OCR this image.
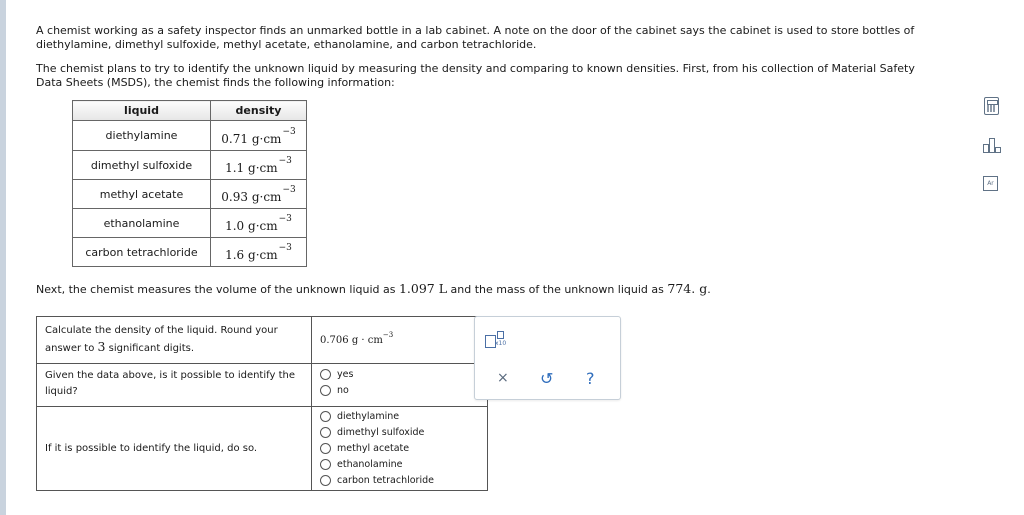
A chemist working as a safety inspector finds an unmarked bottle in a lab cabinet. A note on the door of the cabinet says the cabinet is used to store bottles of diethylamine, dimethyl sulfoxide, methyl acetate, ethanolamine, and carbon tetrachloride.

The chemist plans to try to identify the unknown liquid by measuring the density and comparing to known densities. First, from his collection of Material Safety Data Sheets (MSDS), the chemist finds the following information:

liquid	density
diethylamine	0.71 $g\cdot cm^{-3}$
dimethyl sulfoxide	1.1 $g\cdot cm^{-3}$
methyl acetate	0.93 $g\cdot cm^{-3}$
ethanolamine	1.0 $g\cdot cm^{-3}$
carbon tetrachloride	1.6 $g\cdot cm^{-3}$

Next, the chemist measures the volume of the unknown liquid as 1.097 L and the mass of the unknown liquid as 774. g.

Calculate the density of the liquid. Round your answer to 3 significant digits.	0.706 $g \cdot cm^{-3}$
Given the data above, is it possible to identify the liquid?	yes
no

If it is possible to identify the liquid, do so.	diethylamine
dimethyl sulfoxide
methyl acetate
ethanolamine
carbon tetrachloride
x10
× ↺ ?
Ar
